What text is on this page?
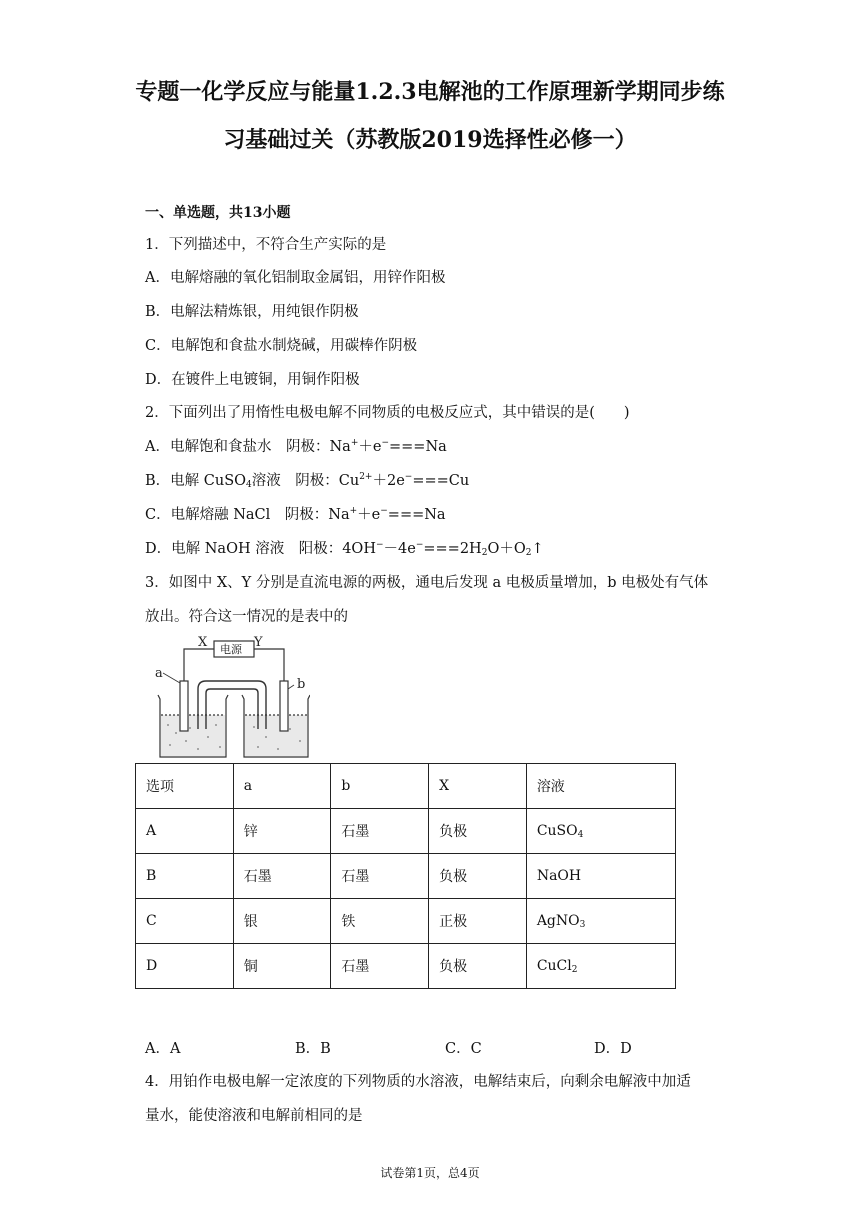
专题一化学反应与能量1.2.3电解池的工作原理新学期同步练
习基础过关（苏教版2019选择性必修一）
一、单选题，共13小题
1．下列描述中，不符合生产实际的是
A．电解熔融的氧化铝制取金属铝，用锌作阳极
B．电解法精炼银，用纯银作阴极
C．电解饱和食盐水制烧碱，用碳棒作阴极
D．在镀件上电镀铜，用铜作阳极
2．下面列出了用惰性电极电解不同物质的电极反应式，其中错误的是(　　)
A．电解饱和食盐水　阴极：Na+＋e−===Na
B．电解 CuSO$_4$溶液　阴极：$Cu^{2+}+2e^-===Cu$
C．电解熔融 NaCl　阴极：Na+＋e−===Na
D．电解 NaOH 溶液　阳极：$4OH^--4e^-===2H_2O+O_2↑$
3．如图中 X、Y 分别是直流电源的两极，通电后发现 a 电极质量增加，b 电极处有气体
放出。符合这一情况的是表中的
X	Y
a
b
电源
选项	a	b	X	溶液
A	锌	石墨	负极	CuSO$_4$
B	石墨	石墨	负极	NaOH
C	银	铁	正极	AgNO$_3$
D	铜	石墨	负极	CuCl$_2$
A．A	B．B	C．C	D．D
4．用铂作电极电解一定浓度的下列物质的水溶液，电解结束后，向剩余电解液中加适
量水，能使溶液和电解前相同的是
试卷第1页，总4页
